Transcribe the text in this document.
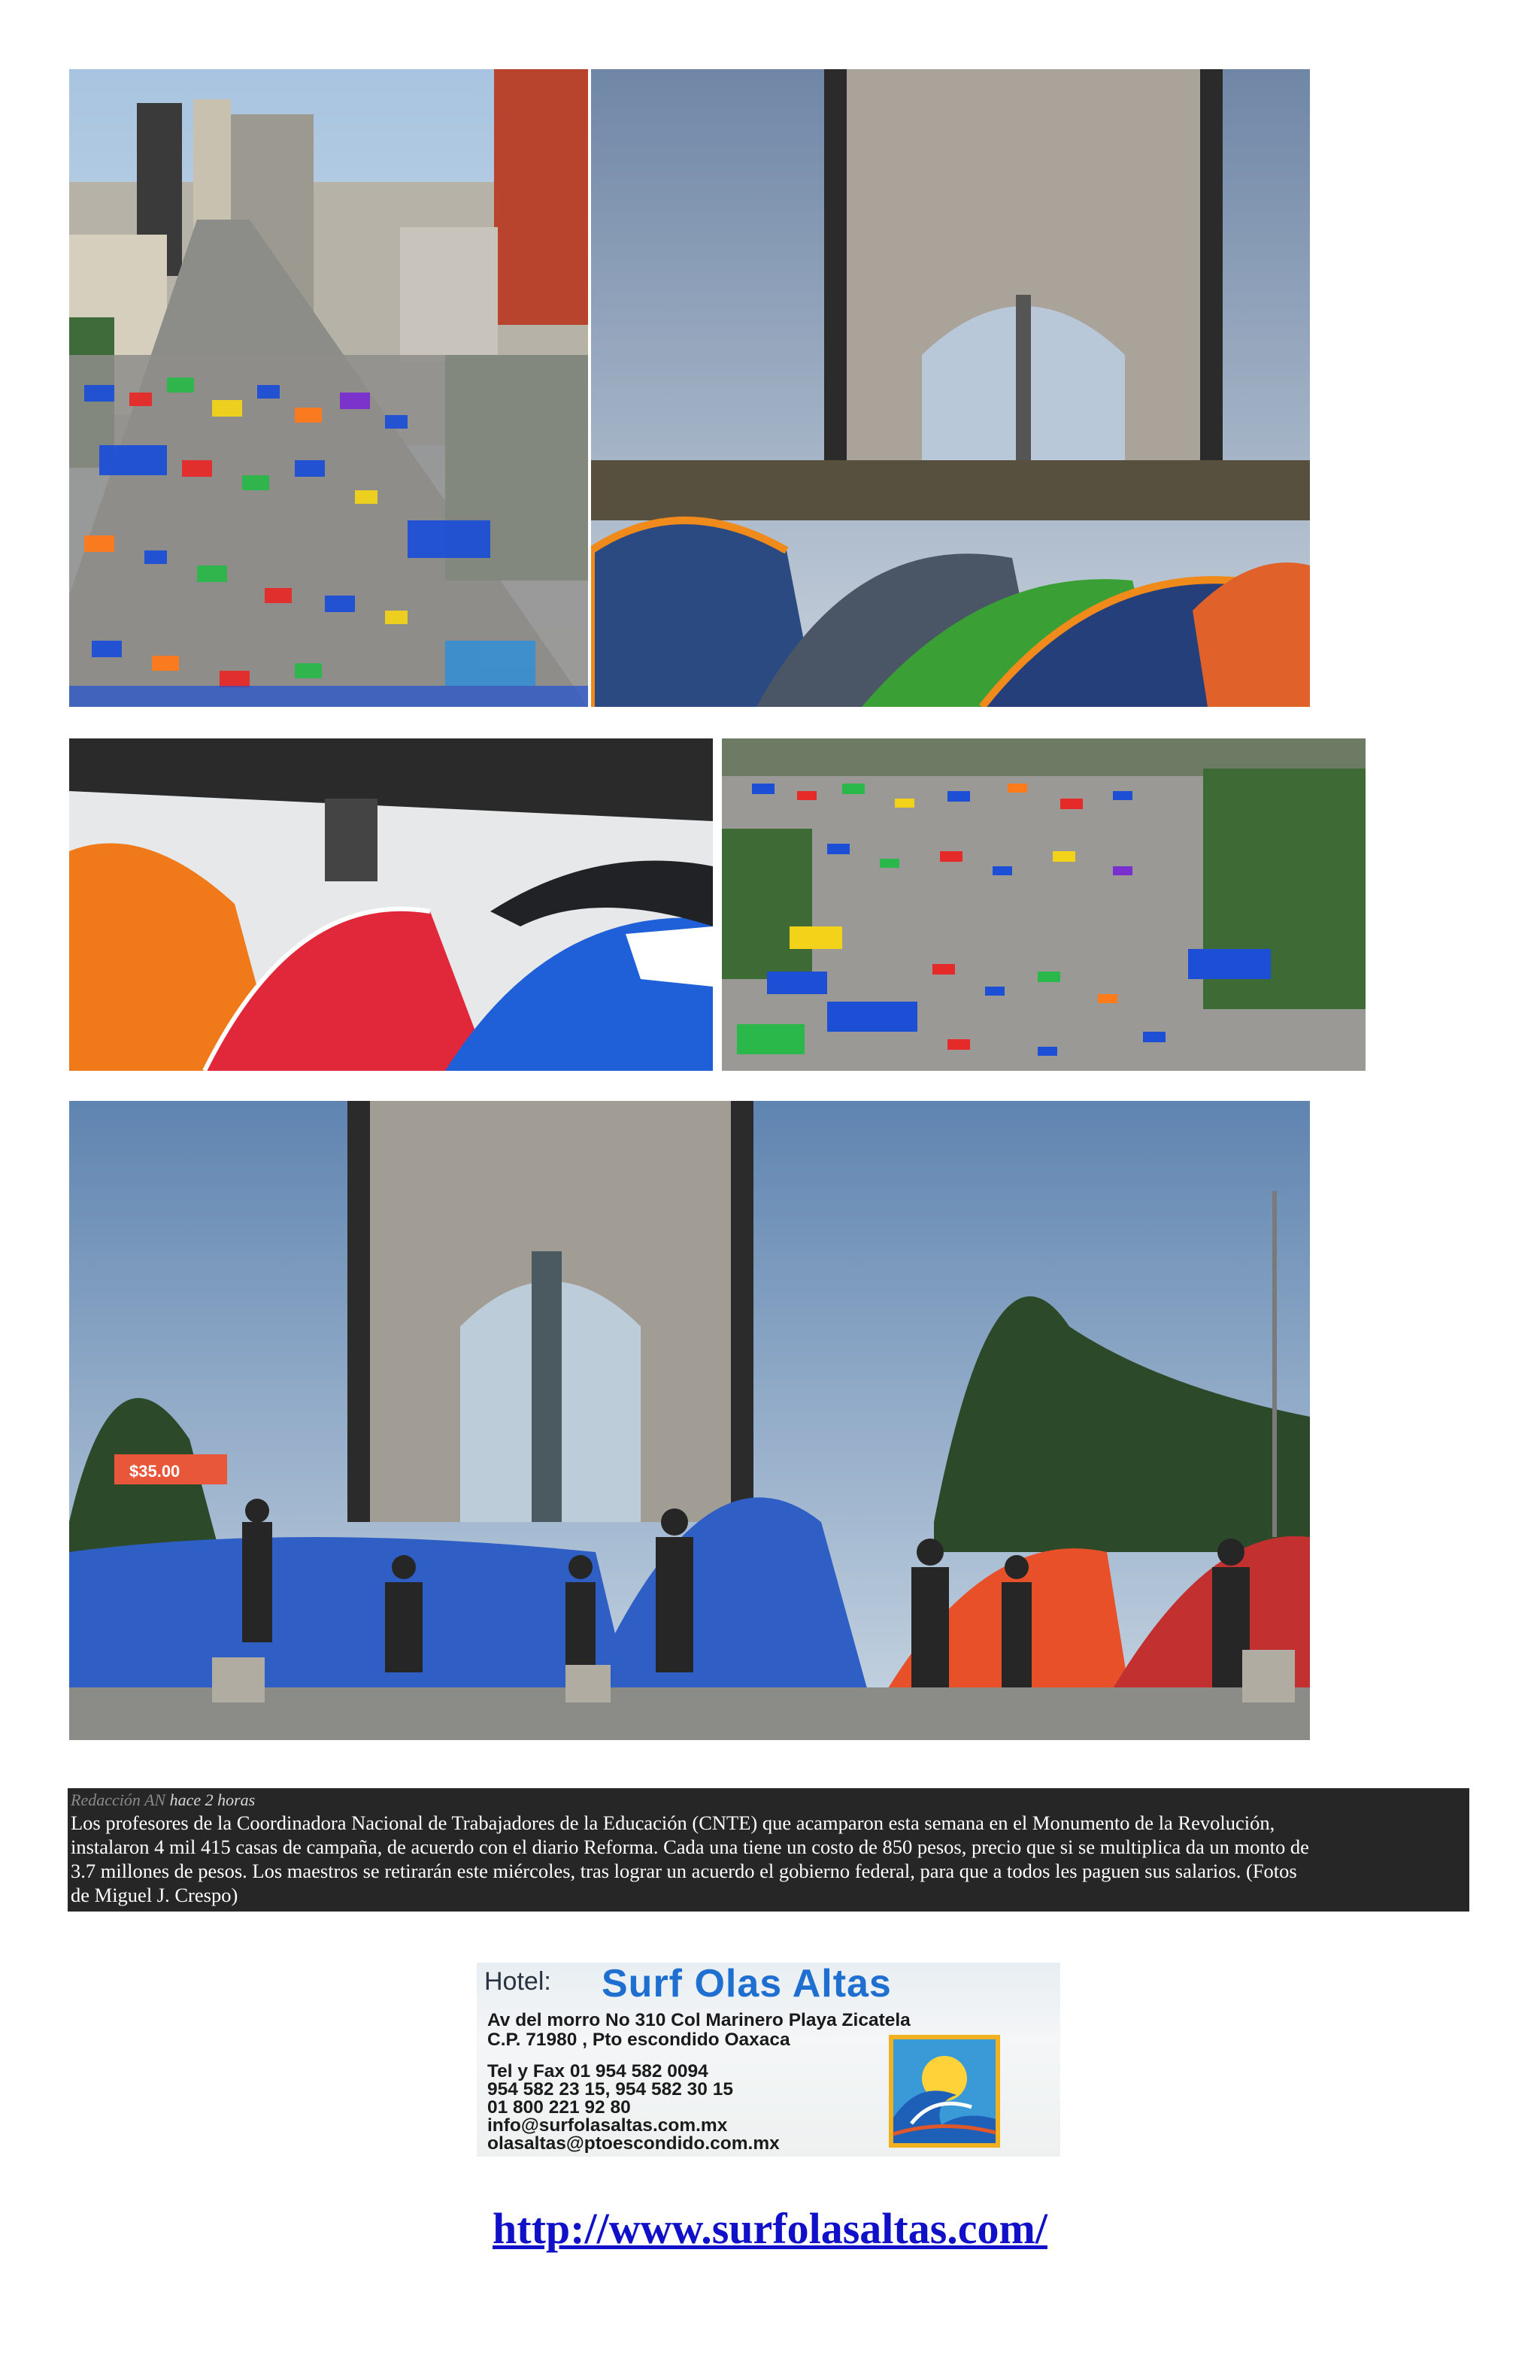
$35.00
Redacción AN hace 2 horas
Los profesores de la Coordinadora Nacional de Trabajadores de la Educación (CNTE) que acamparon esta semana en el Monumento de la Revolución,
instalaron 4 mil 415 casas de campaña, de acuerdo con el diario Reforma. Cada una tiene un costo de 850 pesos, precio que si se multiplica da un monto de
3.7 millones de pesos. Los maestros se retirarán este miércoles, tras lograr un acuerdo el gobierno federal, para que a todos les paguen sus salarios. (Fotos
de Miguel J. Crespo)
Hotel: Surf Olas Altas
Av del morro No 310 Col Marinero Playa Zicatela
C.P. 71980 , Pto escondido Oaxaca
Tel y Fax 01 954 582 0094
954 582 23 15, 954 582 30 15
01 800 221 92 80
info@surfolasaltas.com.mx
olasaltas@ptoescondido.com.mx
http://www.surfolasaltas.com/
